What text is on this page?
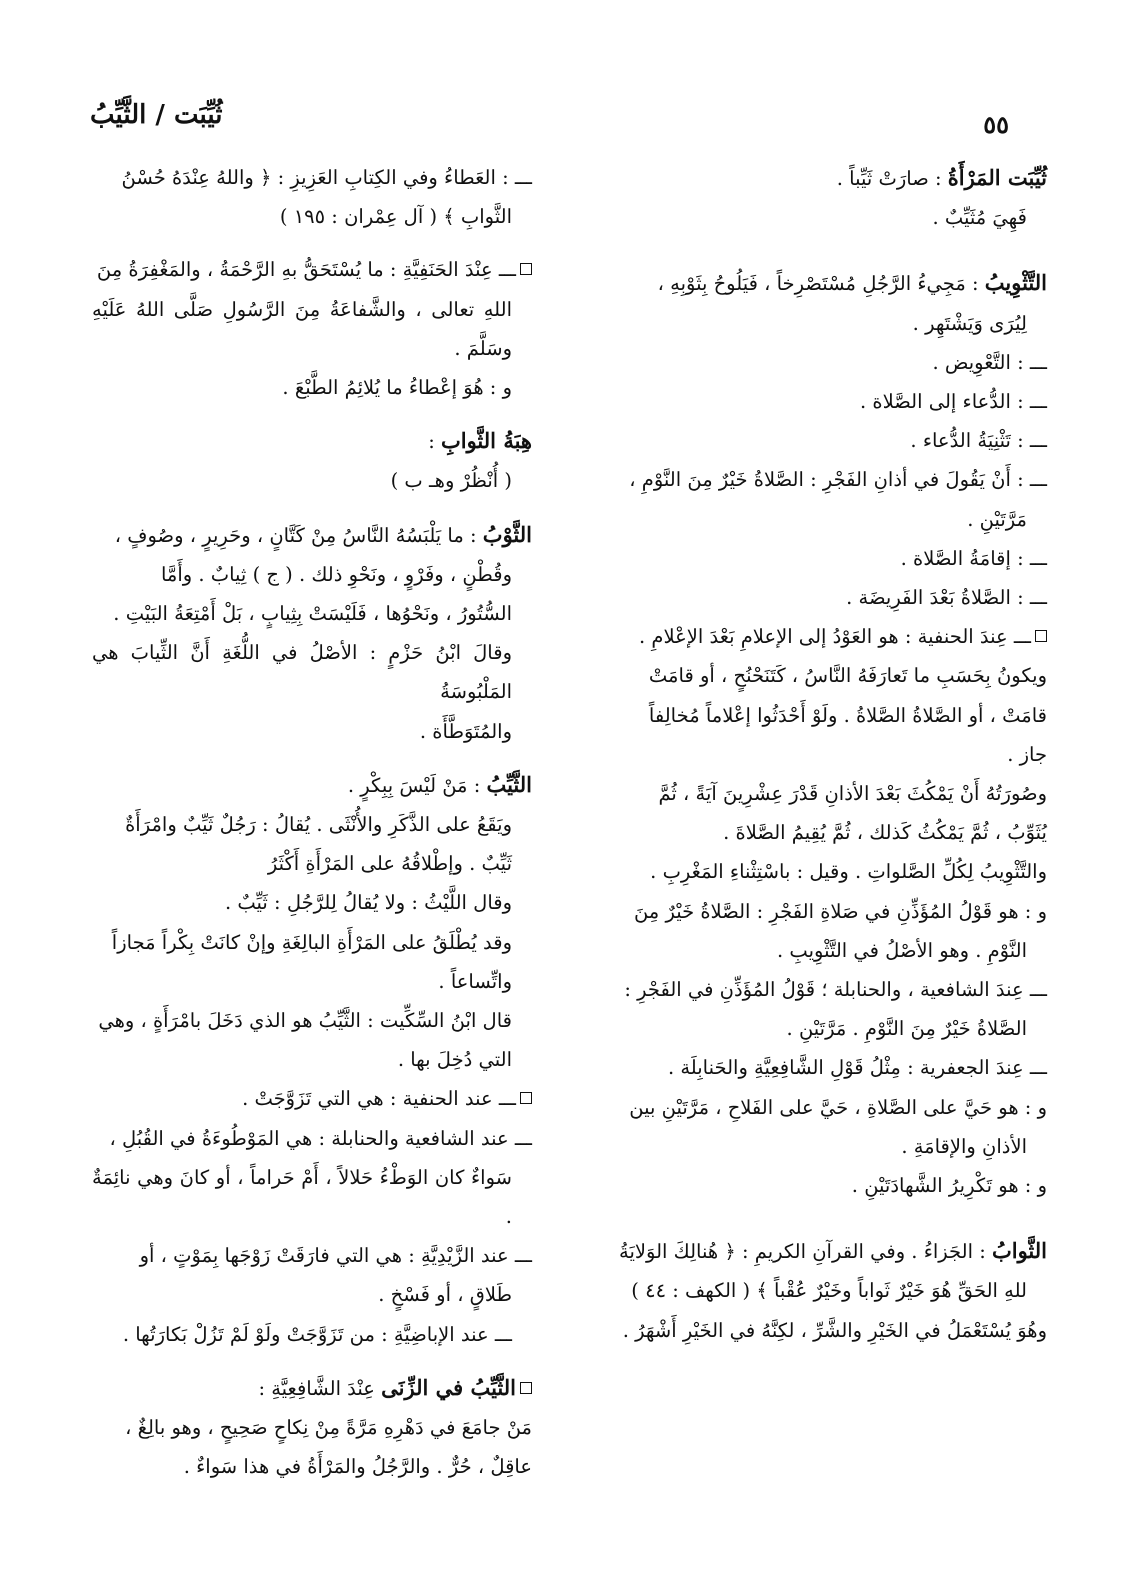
٥٥
ثُيِّبَت / الثَّيِّبُ
ثُيِّبَت المَرْأَةُ : صارَتْ ثَيِّباً .
فَهِيَ مُثَيِّبٌ .
التَّثْوِيبُ : مَجِيءُ الرَّجُلِ مُسْتَصْرِخاً ، فَيَلُوحُ بِثَوْبِهِ ،
لِيُرَى وَيَشْتَهِر .
ـــ : التَّعْوِيض .
ـــ : الدُّعاء إلى الصَّلاة .
ـــ : تَثْنِيَةُ الدُّعاء .
ـــ : أَنْ يَقُولَ في أذانِ الفَجْرِ : الصَّلاةُ خَيْرٌ مِنَ النَّوْمِ ،
مَرَّتَيْنِ .
ـــ : إقامَةُ الصَّلاة .
ـــ : الصَّلاةُ بَعْدَ الفَرِيضَة .
ـــ عِندَ الحنفية : هو العَوْدُ إلى الإعلامِ بَعْدَ الإعْلامِ .
ويكونُ بِحَسَبِ ما تَعارَفَهُ النَّاسُ ، كَتَنَحْنُحٍ ، أو قامَتْ
قامَتْ ، أو الصَّلاةُ الصَّلاةُ . ولَوْ أَحْدَثُوا إعْلاماً مُخالِفاً
جاز .
وصُورَتُهُ أَنْ يَمْكُثَ بَعْدَ الأذانِ قَدْرَ عِشْرِينَ آيَةً ، ثُمَّ
يُثَوِّبُ ، ثُمَّ يَمْكُثُ كَذلك ، ثُمَّ يُقِيمُ الصَّلاةَ .
والتَّثْوِيبُ لِكُلِّ الصَّلواتِ . وقيل : باسْتِثْناءِ المَغْرِبِ .
و : هو قَوْلُ المُؤَذِّنِ في صَلاةِ الفَجْرِ : الصَّلاةُ خَيْرٌ مِنَ
النَّوْمِ . وهو الأصْلُ في التَّثْوِيبِ .
ـــ عِندَ الشافعية ، والحنابلة ؛ قَوْلُ المُؤَذِّنِ في الفَجْرِ :
الصَّلاةُ خَيْرٌ مِنَ النَّوْمِ . مَرَّتَيْنِ .
ـــ عِندَ الجعفرية : مِثْلُ قَوْلِ الشَّافِعِيَّةِ والحَنابِلَة .
و : هو حَيَّ على الصَّلاةِ ، حَيَّ على الفَلاحِ ، مَرَّتَيْنِ بين
الأذانِ والإقامَةِ .
و : هو تَكْرِيرُ الشَّهادَتَيْنِ .
الثَّوابُ : الجَزاءُ . وفي القرآنِ الكريمِ : ﴿ هُنالِكَ الوَلايَةُ
للهِ الحَقِّ هُوَ خَيْرٌ ثَواباً وخَيْرٌ عُقْباً ﴾ ( الكهف : ٤٤ )
وهُوَ يُسْتَعْمَلُ في الخَيْرِ والشَّرِّ ، لكِنَّهُ في الخَيْرِ أَشْهَرُ .
ـــ : العَطاءُ وفي الكِتابِ العَزِيزِ : ﴿ واللهُ عِنْدَهُ حُسْنُ
الثَّوابِ ﴾ ( آل عِمْران : ١٩٥ )
ـــ عِنْدَ الحَنَفِيَّةِ : ما يُسْتَحَقُّ بهِ الرَّحْمَةُ ، والمَغْفِرَةُ مِنَ
اللهِ تعالى ، والشَّفاعَةُ مِنَ الرَّسُولِ صَلَّى اللهُ عَلَيْهِ وسَلَّمَ .
و : هُوَ إعْطاءُ ما يُلائِمُ الطَّبْعَ .
هِبَةُ الثَّوابِ :
( أُنْظُرْ وهـ ب )
الثَّوْبُ : ما يَلْبَسُهُ النَّاسُ مِنْ كَتَّانٍ ، وحَرِيرٍ ، وصُوفٍ ،
وقُطْنٍ ، وفَرْوٍ ، ونَحْوِ ذلك . ( ج ) ثِيابٌ . وأَمَّا
السُّتُورُ ، ونَحْوُها ، فَلَيْسَتْ بِثِيابٍ ، بَلْ أَمْتِعَةُ البَيْتِ .
وقالَ ابْنُ حَزْمٍ : الأصْلُ في اللُّغَةِ أَنَّ الثِّيابَ هي المَلْبُوسَةُ
والمُتَوَطَّأَة .
الثَّيِّبُ : مَنْ لَيْسَ بِبِكْرٍ .
ويَقَعُ على الذَّكَرِ والأُنْثَى . يُقالُ : رَجُلٌ ثَيِّبٌ وامْرَأَةٌ
ثَيِّبٌ . وإطْلاقُهُ على المَرْأَةِ أَكْثَرُ
وقال اللَّيْثُ : ولا يُقالُ لِلرَّجُلِ : ثَيِّبٌ .
وقد يُطْلَقُ على المَرْأَةِ البالِغَةِ وإنْ كانَتْ بِكْراً مَجازاً
واتِّساعاً .
قال ابْنُ السِّكِّيت : الثَّيِّبُ هو الذي دَخَلَ بامْرَأَةٍ ، وهي
التي دُخِلَ بها .
ـــ عند الحنفية : هي التي تَزَوَّجَتْ .
ـــ عند الشافعية والحنابلة : هي المَوْطُوءَةُ في القُبُلِ ،
سَواءٌ كان الوَطْءُ حَلالاً ، أَمْ حَراماً ، أو كانَ وهي نائِمَةٌ .
ـــ عند الزَّيْدِيَّةِ : هي التي فارَقَتْ زَوْجَها بِمَوْتٍ ، أو
طَلاقٍ ، أو فَسْخٍ .
ـــ عند الإباضِيَّةِ : من تَزَوَّجَتْ ولَوْ لَمْ تَزُلْ بَكارَتُها .
الثَّيِّبُ في الزِّنَى عِنْدَ الشَّافِعِيَّةِ :
مَنْ جامَعَ في دَهْرِهِ مَرَّةً مِنْ نِكاحٍ صَحِيحٍ ، وهو بالِغٌ ،
عاقِلٌ ، حُرٌّ . والرَّجُلُ والمَرْأَةُ في هذا سَواءٌ .
